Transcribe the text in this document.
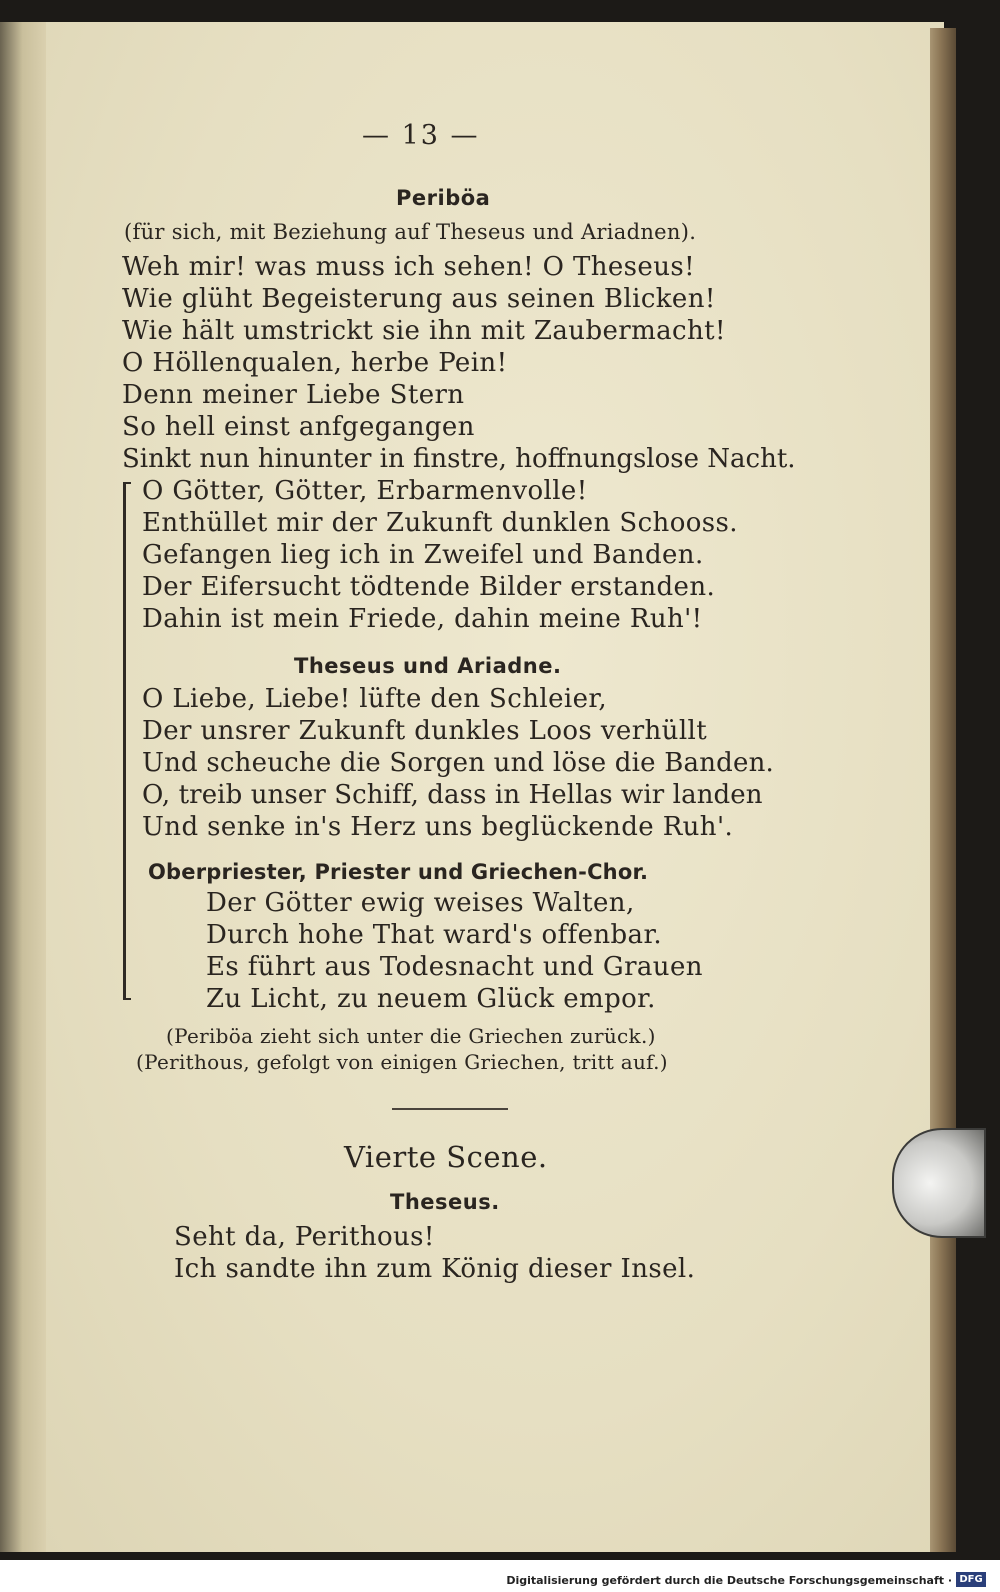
— 13 —
Periböa
(für sich, mit Beziehung auf Theseus und Ariadnen).
Weh mir! was muss ich sehen! O Theseus!
Wie glüht Begeisterung aus seinen Blicken!
Wie hält umstrickt sie ihn mit Zaubermacht!
O Höllenqualen, herbe Pein!
Denn meiner Liebe Stern
So hell einst anfgegangen
Sinkt nun hinunter in finstre, hoffnungslose Nacht.
O Götter, Götter, Erbarmenvolle!
Enthüllet mir der Zukunft dunklen Schooss.
Gefangen lieg ich in Zweifel und Banden.
Der Eifersucht tödtende Bilder erstanden.
Dahin ist mein Friede, dahin meine Ruh'!
Theseus und Ariadne.
O Liebe, Liebe! lüfte den Schleier,
Der unsrer Zukunft dunkles Loos verhüllt
Und scheuche die Sorgen und löse die Banden.
O, treib unser Schiff, dass in Hellas wir landen
Und senke in's Herz uns beglückende Ruh'.
Oberpriester, Priester und Griechen-Chor.
Der Götter ewig weises Walten,
Durch hohe That ward's offenbar.
Es führt aus Todesnacht und Grauen
Zu Licht, zu neuem Glück empor.
(Periböa zieht sich unter die Griechen zurück.)
(Perithous, gefolgt von einigen Griechen, tritt auf.)
Vierte Scene.
Theseus.
Seht da, Perithous!
Ich sandte ihn zum König dieser Insel.
Digitalisierung gefördert durch die Deutsche Forschungsgemeinschaft · DFG
